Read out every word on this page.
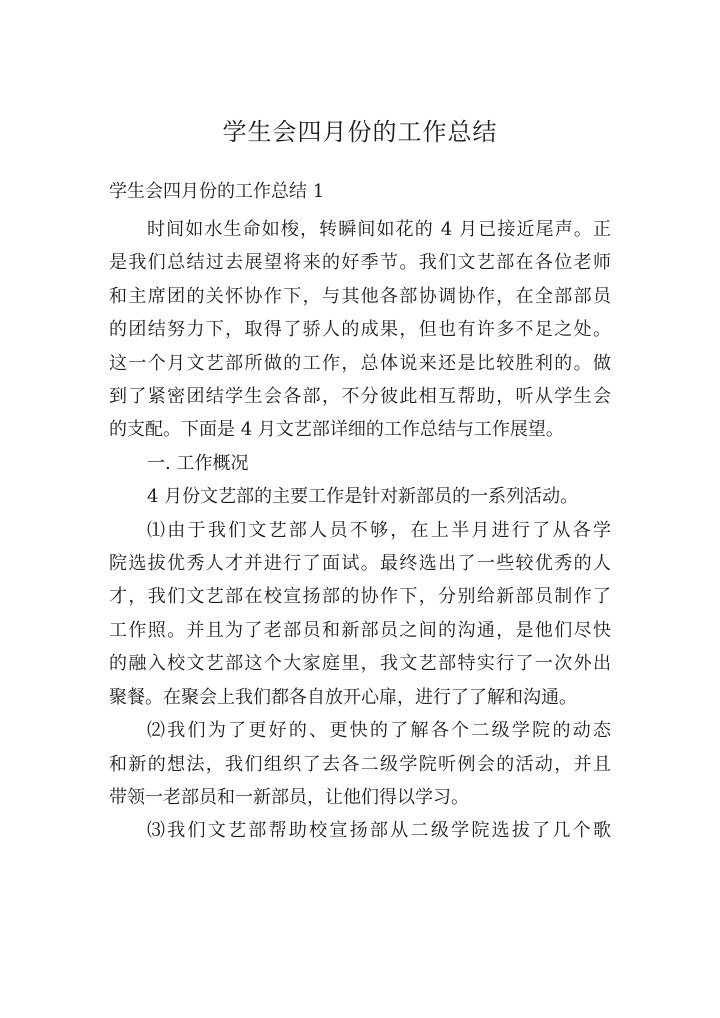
学生会四月份的工作总结
学生会四月份的工作总结 1
时间如水生命如梭，转瞬间如花的 4 月已接近尾声。正
是我们总结过去展望将来的好季节。我们文艺部在各位老师
和主席团的关怀协作下，与其他各部协调协作，在全部部员
的团结努力下，取得了骄人的成果，但也有许多不足之处。
这一个月文艺部所做的工作，总体说来还是比较胜利的。做
到了紧密团结学生会各部，不分彼此相互帮助，听从学生会
的支配。下面是 4 月文艺部详细的工作总结与工作展望。
一. 工作概况
4 月份文艺部的主要工作是针对新部员的一系列活动。
⑴由于我们文艺部人员不够，在上半月进行了从各学
院选拔优秀人才并进行了面试。最终选出了一些较优秀的人
才，我们文艺部在校宣扬部的协作下，分别给新部员制作了
工作照。并且为了老部员和新部员之间的沟通，是他们尽快
的融入校文艺部这个大家庭里，我文艺部特实行了一次外出
聚餐。在聚会上我们都各自放开心扉，进行了了解和沟通。
⑵我们为了更好的、更快的了解各个二级学院的动态
和新的想法，我们组织了去各二级学院听例会的活动，并且
带领一老部员和一新部员，让他们得以学习。
⑶我们文艺部帮助校宣扬部从二级学院选拔了几个歌
